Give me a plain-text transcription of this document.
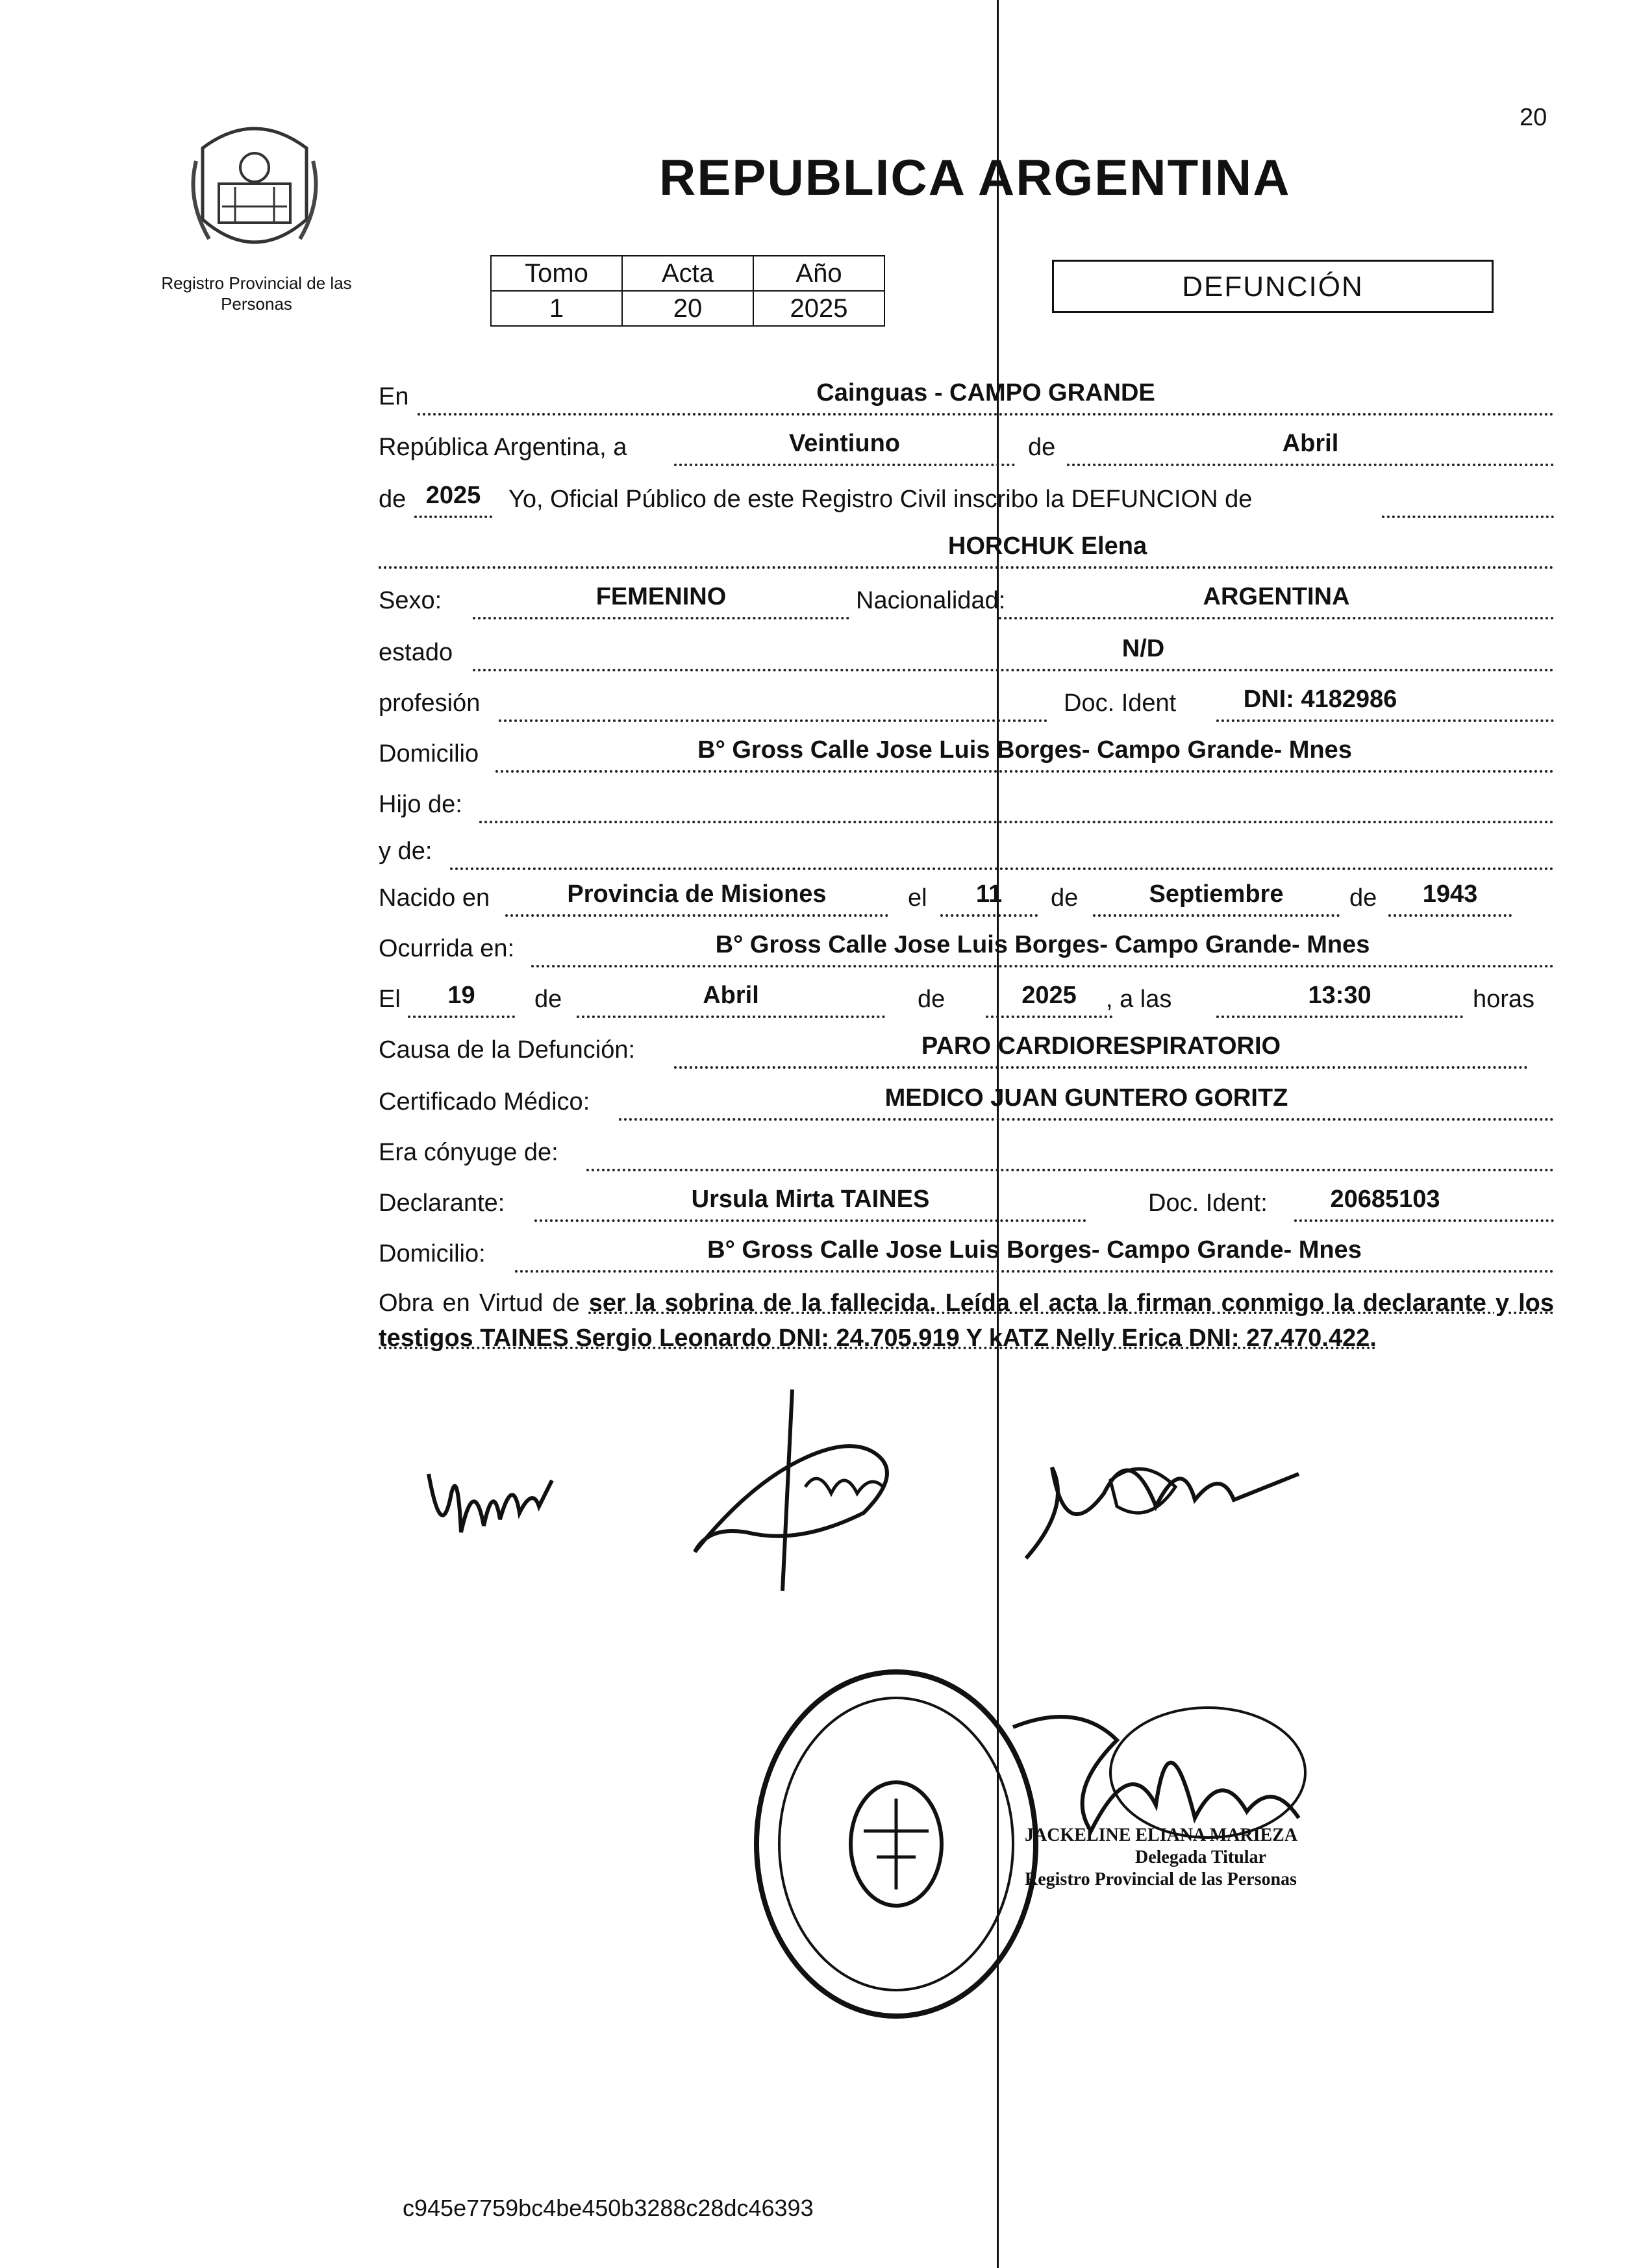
20
Registro Provincial de las Personas
REPUBLICA ARGENTINA
Tomo	Acta	Año
1	20	2025
DEFUNCIÓN
En	Cainguas - CAMPO GRANDE
República Argentina, a	Veintiuno	de	Abril
de 2025	Yo, Oficial Público de este Registro Civil inscribo la DEFUNCION de
HORCHUK Elena
Sexo:	FEMENINO	Nacionalidad:	ARGENTINA
estado	N/D
profesión	Doc. Ident	DNI: 4182986
Domicilio	B° Gross Calle Jose Luis Borges- Campo Grande- Mnes
Hijo de:
y de:
Nacido en	Provincia de Misiones	el	11	de	Septiembre	de	1943
Ocurrida en:	B° Gross Calle Jose Luis Borges- Campo Grande- Mnes
El	19	de	Abril	de	2025	, a las	13:30	horas
Causa de la Defunción:	PARO CARDIORESPIRATORIO
Certificado Médico:	MEDICO JUAN GUNTERO GORITZ
Era cónyuge de:
Declarante:	Ursula Mirta TAINES	Doc. Ident:	20685103
Domicilio:	B° Gross Calle Jose Luis Borges- Campo Grande- Mnes
Obra en Virtud de ser la sobrina de la fallecida. Leída el acta la firman conmigo la declarante y los testigos TAINES Sergio Leonardo DNI: 24.705.919 Y kATZ Nelly Erica DNI: 27.470.422.
JACKELINE ELIANA MARIEZA
Delegada Titular
Registro Provincial de las Personas
c945e7759bc4be450b3288c28dc46393
